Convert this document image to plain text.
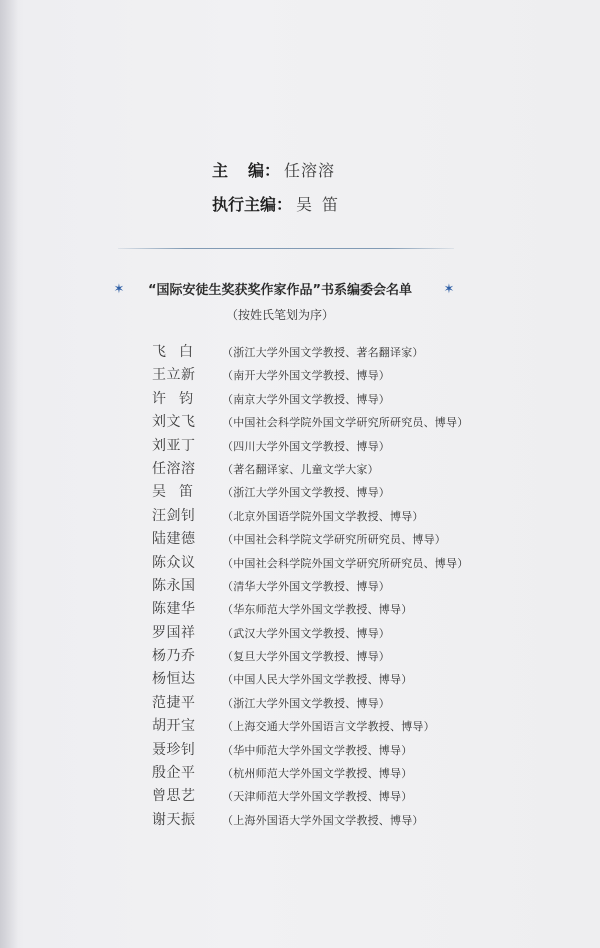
主编： 任溶溶
执行主编： 吴笛
✶	“国际安徒生奖获奖作家作品”书系编委会名单	✶
（按姓氏笔划为序）
飞白	（浙江大学外国文学教授、著名翻译家）
王立新	（南开大学外国文学教授、博导）
许钧	（南京大学外国文学教授、博导）
刘文飞	（中国社会科学院外国文学研究所研究员、博导）
刘亚丁	（四川大学外国文学教授、博导）
任溶溶	（著名翻译家、儿童文学大家）
吴笛	（浙江大学外国文学教授、博导）
汪剑钊	（北京外国语学院外国文学教授、博导）
陆建德	（中国社会科学院文学研究所研究员、博导）
陈众议	（中国社会科学院外国文学研究所研究员、博导）
陈永国	（清华大学外国文学教授、博导）
陈建华	（华东师范大学外国文学教授、博导）
罗国祥	（武汉大学外国文学教授、博导）
杨乃乔	（复旦大学外国文学教授、博导）
杨恒达	（中国人民大学外国文学教授、博导）
范捷平	（浙江大学外国文学教授、博导）
胡开宝	（上海交通大学外国语言文学教授、博导）
聂珍钊	（华中师范大学外国文学教授、博导）
殷企平	（杭州师范大学外国文学教授、博导）
曾思艺	（天津师范大学外国文学教授、博导）
谢天振	（上海外国语大学外国文学教授、博导）
